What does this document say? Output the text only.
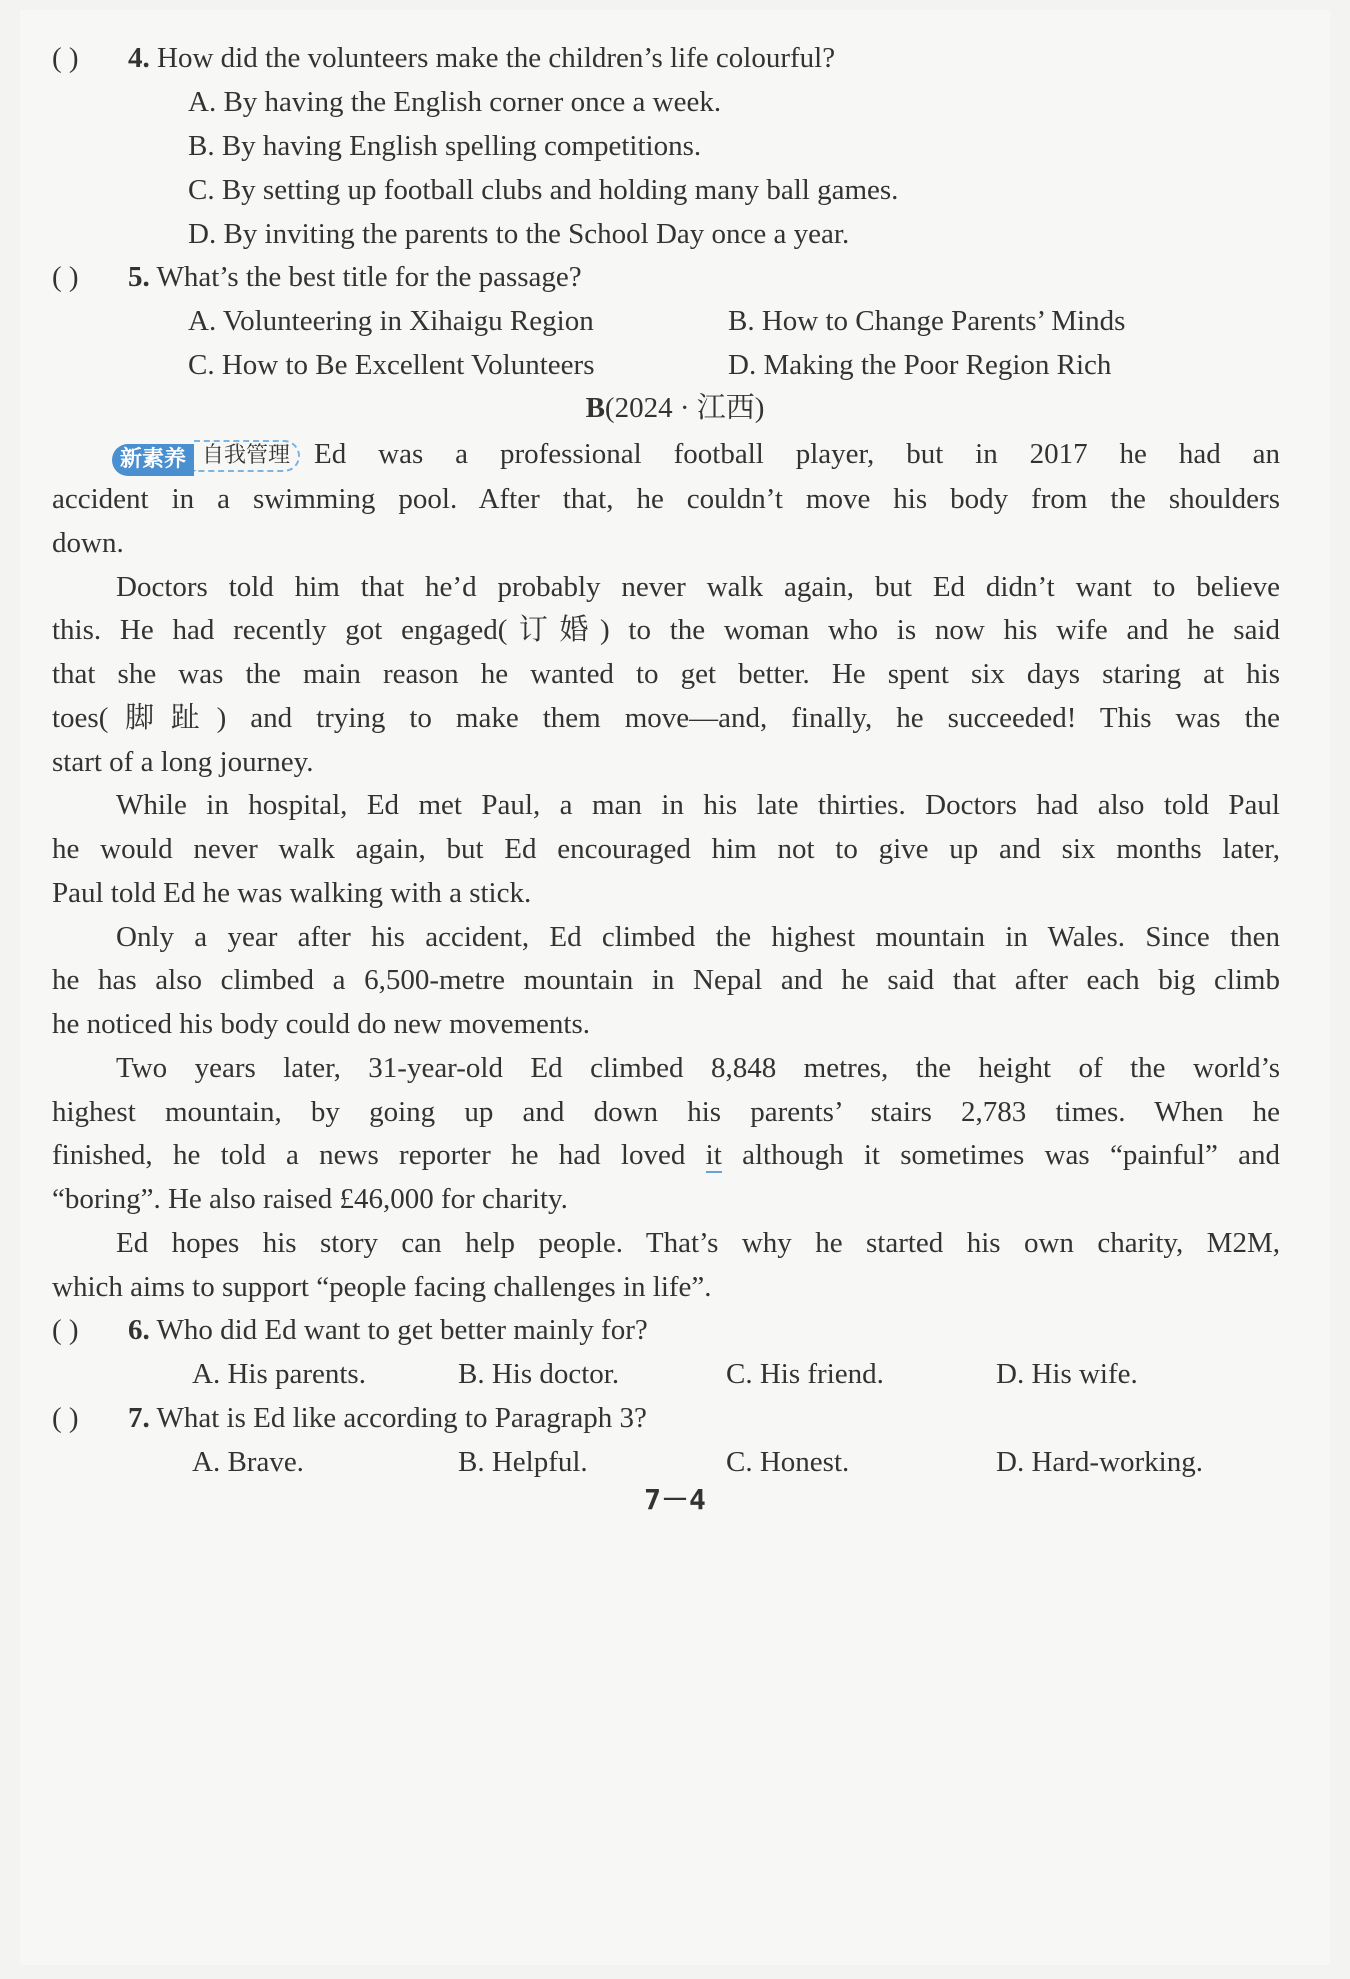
( ) 4. How did the volunteers make the children’s life colourful?
A. By having the English corner once a week.
B. By having English spelling competitions.
C. By setting up football clubs and holding many ball games.
D. By inviting the parents to the School Day once a year.
( ) 5. What’s the best title for the passage?
A. Volunteering in Xihaigu Region	B. How to Change Parents’ Minds
C. How to Be Excellent Volunteers	D. Making the Poor Region Rich
B(2024 · 江西)
新素养 自我管理 Ed was a professional football player, but in 2017 he had an
accident in a swimming pool. After that, he couldn’t move his body from the shoulders
down.
Doctors told him that he’d probably never walk again, but Ed didn’t want to believe
this. He had recently got engaged(订婚) to the woman who is now his wife and he said
that she was the main reason he wanted to get better. He spent six days staring at his
toes(脚趾) and trying to make them move—and, finally, he succeeded! This was the
start of a long journey.
While in hospital, Ed met Paul, a man in his late thirties. Doctors had also told Paul
he would never walk again, but Ed encouraged him not to give up and six months later,
Paul told Ed he was walking with a stick.
Only a year after his accident, Ed climbed the highest mountain in Wales. Since then
he has also climbed a 6,500-metre mountain in Nepal and he said that after each big climb
he noticed his body could do new movements.
Two years later, 31-year-old Ed climbed 8,848 metres, the height of the world’s
highest mountain, by going up and down his parents’ stairs 2,783 times. When he
finished, he told a news reporter he had loved it although it sometimes was “painful” and
“boring”. He also raised £46,000 for charity.
Ed hopes his story can help people. That’s why he started his own charity, M2M,
which aims to support “people facing challenges in life”.
( ) 6. Who did Ed want to get better mainly for?
A. His parents.	B. His doctor.	C. His friend.	D. His wife.
( ) 7. What is Ed like according to Paragraph 3?
A. Brave.	B. Helpful.	C. Honest.	D. Hard-working.
7－4
